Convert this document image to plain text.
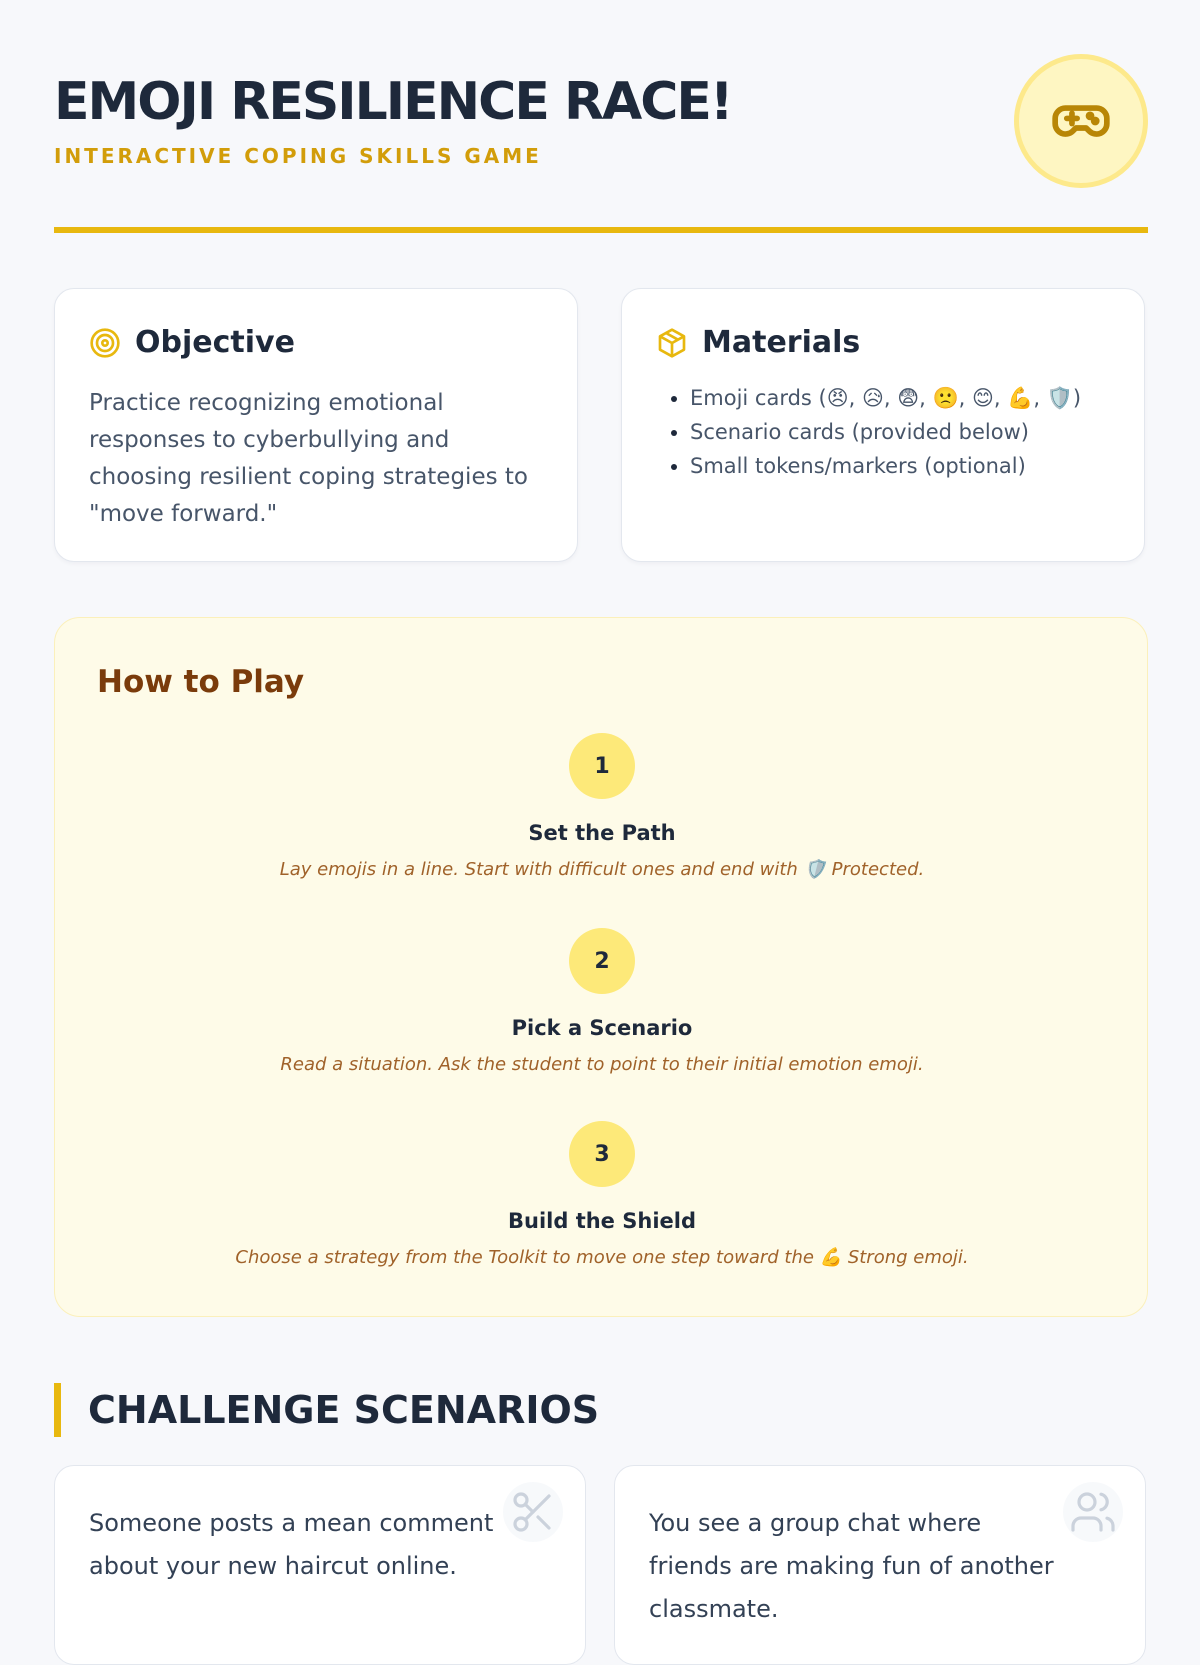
EMOJI RESILIENCE RACE!
INTERACTIVE COPING SKILLS GAME
Objective

Practice recognizing emotional responses to cyberbullying and choosing resilient coping strategies to "move forward."

Materials
• Emoji cards (😠, 😥, 😨, 🙁, 😊, 💪, 🛡️)
• Scenario cards (provided below)
• Small tokens/markers (optional)
How to Play
1
Set the Path
Lay emojis in a line. Start with difficult ones and end with 🛡️ Protected.
2
Pick a Scenario
Read a situation. Ask the student to point to their initial emotion emoji.
3
Build the Shield
Choose a strategy from the Toolkit to move one step toward the 💪 Strong emoji.
CHALLENGE SCENARIOS

Someone posts a mean comment about your new haircut online.

You see a group chat where friends are making fun of another classmate.
